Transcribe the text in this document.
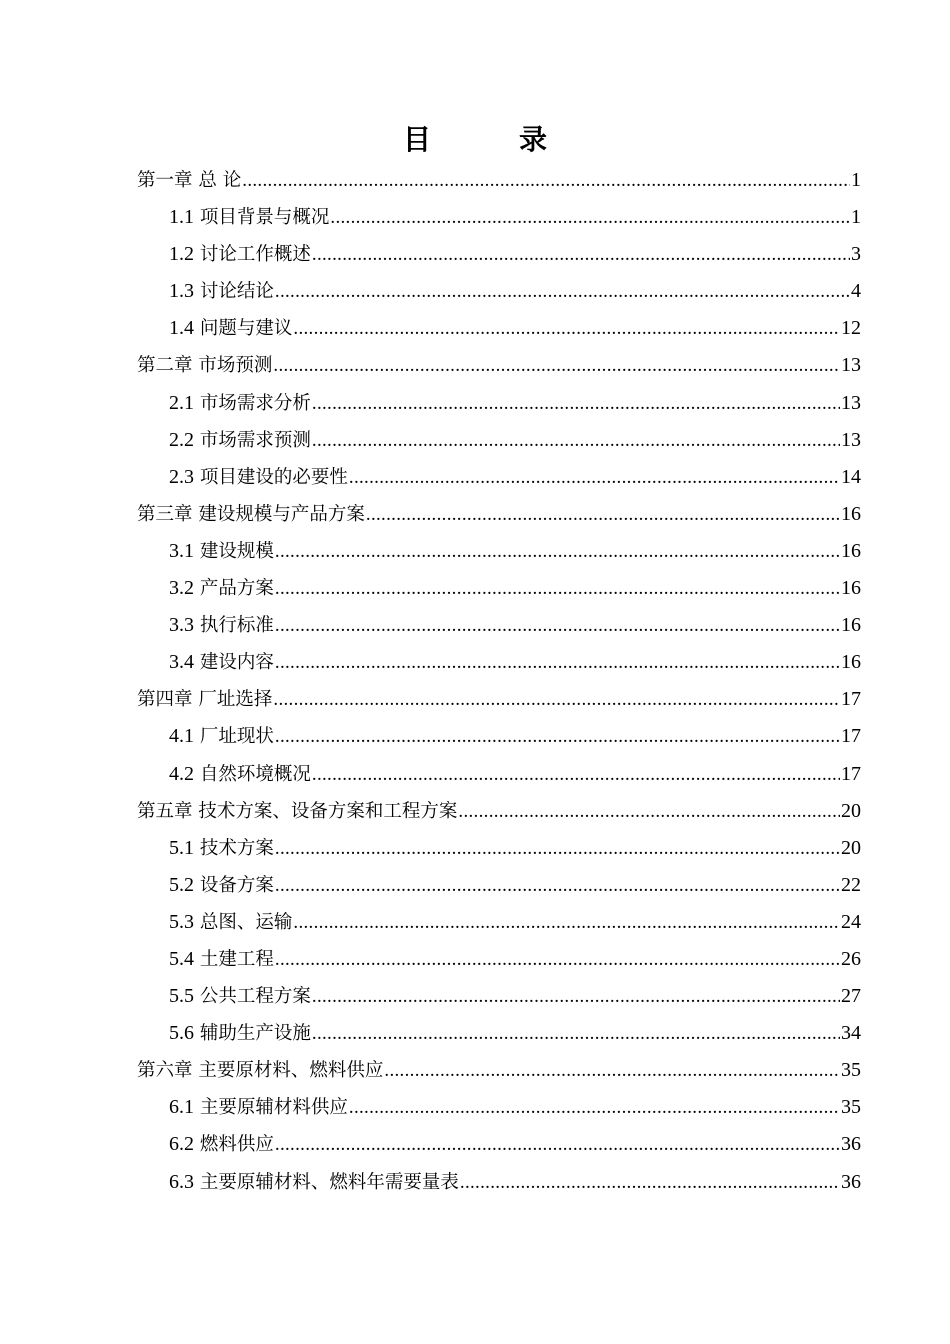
目　录
第一章 总 论 .....	1
1.1 项目背景与概况 .....	1
1.2 讨论工作概述 .....	3
1.3 讨论结论 .....	4
1.4 问题与建议 .....	12
第二章 市场预测 .....	13
2.1 市场需求分析 .....	13
2.2 市场需求预测 .....	13
2.3 项目建设的必要性 .....	14
第三章 建设规模与产品方案 .....	16
3.1 建设规模 .....	16
3.2 产品方案 .....	16
3.3 执行标准 .....	16
3.4 建设内容 .....	16
第四章 厂址选择 .....	17
4.1 厂址现状 .....	17
4.2 自然环境概况 .....	17
第五章 技术方案、设备方案和工程方案 .....	20
5.1 技术方案 .....	20
5.2 设备方案 .....	22
5.3 总图、运输 .....	24
5.4 土建工程 .....	26
5.5 公共工程方案 .....	27
5.6 辅助生产设施 .....	34
第六章 主要原材料、燃料供应 .....	35
6.1 主要原辅材料供应 .....	35
6.2 燃料供应 .....	36
6.3 主要原辅材料、燃料年需要量表 .....	36
